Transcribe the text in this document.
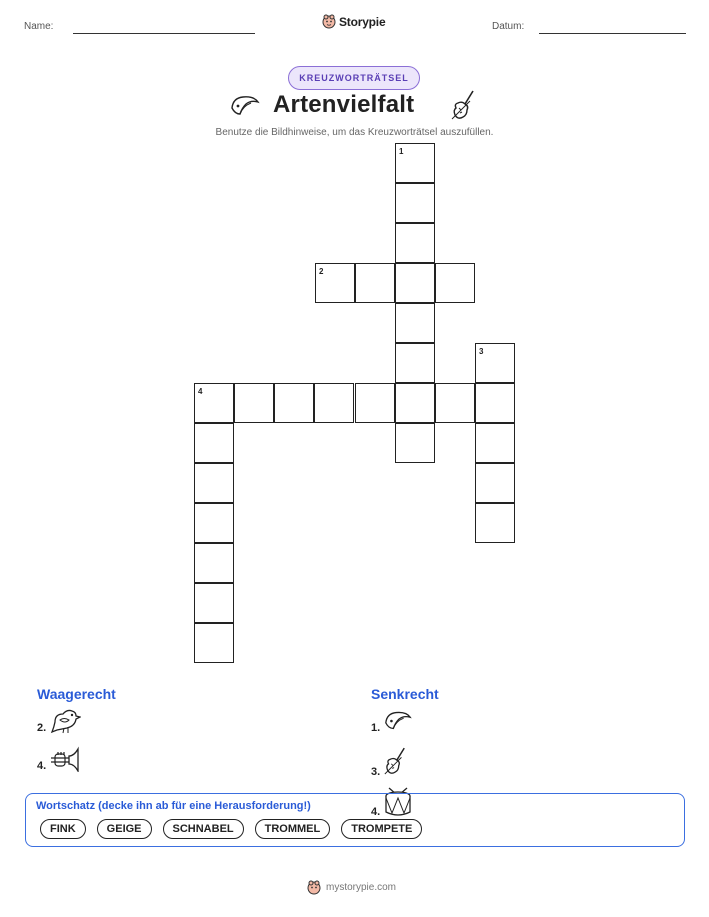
Name:	Storypie	Datum:
KREUZWORTRÄTSEL
Artenvielfalt
Benutze die Bildhinweise, um das Kreuzworträtsel auszufüllen.
1
2
3
4
Waagerecht
2.
4.
Senkrecht
1.
3.
4.
Wortschatz (decke ihn ab für eine Herausforderung!)
FINK	GEIGE	SCHNABEL	TROMMEL	TROMPETE
mystorypie.com
